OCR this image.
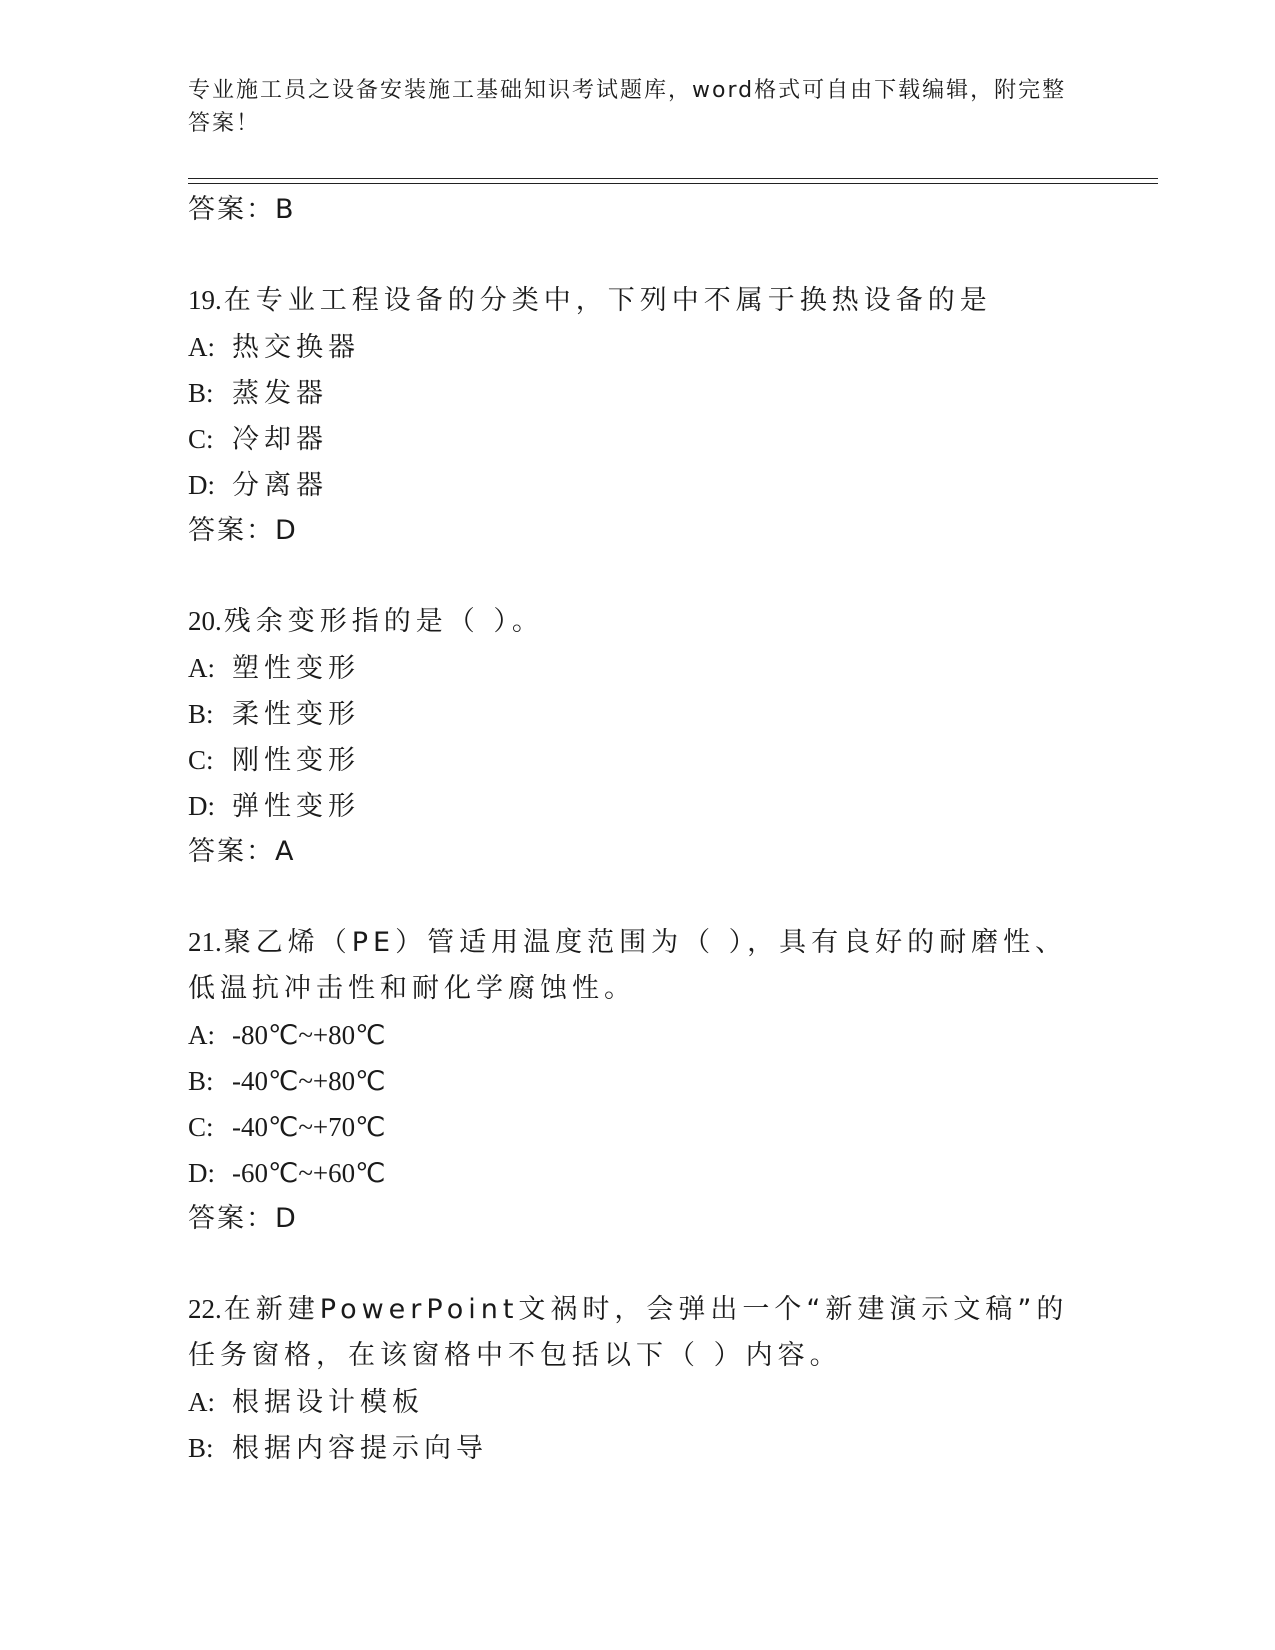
专业施工员之设备安装施工基础知识考试题库，word格式可自由下载编辑，附完整答案！
答案：B
19.在专业工程设备的分类中，下列中不属于换热设备的是
A: 热交换器
B: 蒸发器
C: 冷却器
D: 分离器
答案：D
20.残余变形指的是（ ）。
A: 塑性变形
B: 柔性变形
C: 刚性变形
D: 弹性变形
答案：A
21.聚乙烯（PE）管适用温度范围为（ ），具有良好的耐磨性、低温抗冲击性和耐化学腐蚀性。
A: -80℃~+80℃
B: -40℃~+80℃
C: -40℃~+70℃
D: -60℃~+60℃
答案：D
22.在新建PowerPoint文祸时，会弹出一个“新建演示文稿”的任务窗格，在该窗格中不包括以下（ ）内容。
A: 根据设计模板
B: 根据内容提示向导
